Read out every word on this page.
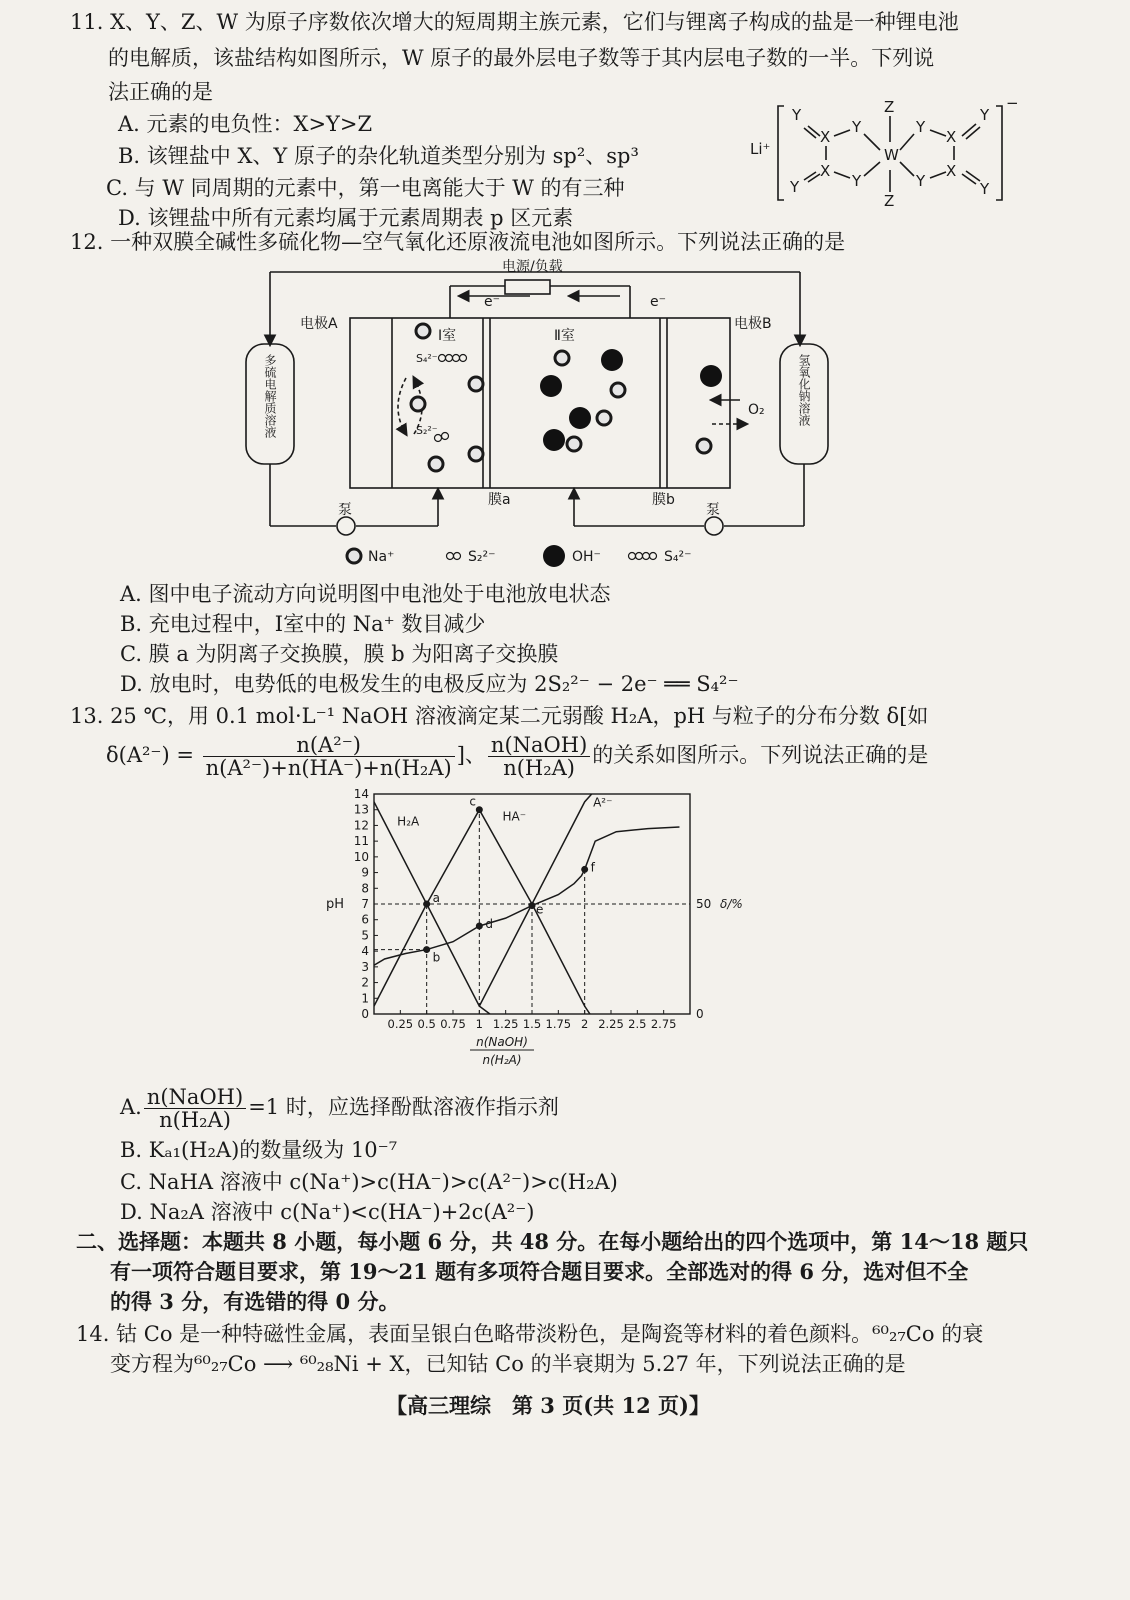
11. X、Y、Z、W 为原子序数依次增大的短周期主族元素，它们与锂离子构成的盐是一种锂电池
的电解质，该盐结构如图所示，W 原子的最外层电子数等于其内层电子数的一半。下列说
法正确的是
A. 元素的电负性：X>Y>Z
B. 该锂盐中 X、Y 原子的杂化轨道类型分别为 sp²、sp³
C. 与 W 同周期的元素中，第一电离能大于 W 的有三种
D. 该锂盐中所有元素均属于元素周期表 p 区元素
Li⁺
Y
X
Y
Z
W
Z
Y
X
Y
Y
X
Y
Y
X
Y
−
12. 一种双膜全碱性多硫化物—空气氧化还原液流电池如图所示。下列说法正确的是
电源/负载
e⁻	e⁻
电极A	电极B
Ⅰ室	Ⅱ室
S₄²⁻
S₂²⁻
膜a	膜b
泵	泵
O₂
多硫电解质溶液	氢氧化钠溶液
Na⁺	S₂²⁻	OH⁻	S₄²⁻
A. 图中电子流动方向说明图中电池处于电池放电状态
B. 充电过程中，Ⅰ室中的 Na⁺ 数目减少
C. 膜 a 为阴离子交换膜，膜 b 为阳离子交换膜
D. 放电时，电势低的电极发生的电极反应为 2S₂²⁻ − 2e⁻ ══ S₄²⁻
13. 25 ℃，用 0.1 mol·L⁻¹ NaOH 溶液滴定某二元弱酸 H₂A，pH 与粒子的分布分数 δ[如
$\delta(A^{2-}) = \frac{\text{n(A²⁻)}}{\text{n(A²⁻)+n(HA⁻)+n(H₂A)}}$ ]、 $\frac{\text{n(NaOH)}}{\text{n(H₂A)}}$ 的关系如图所示。下列说法正确的是
0
1
2
3
4
5
6
7
8
9
10
11
12
13
14
0.25 0.5 0.75 1 1.25 1.5 1.75 2 2.25 2.5 2.75
0
50 δ/%
pH
n(NaOH)
n(H₂A)
H₂A	HA⁻
A²⁻
a
b
c
d
e
f
A. $\frac{\text{n(NaOH)}}{\text{n(H₂A)}} =1$ 时，应选择酚酞溶液作指示剂
B. Kₐ₁(H₂A)的数量级为 10⁻⁷
C. NaHA 溶液中 c(Na⁺)>c(HA⁻)>c(A²⁻)>c(H₂A)
D. Na₂A 溶液中 c(Na⁺)<c(HA⁻)+2c(A²⁻)
二、选择题：本题共 8 小题，每小题 6 分，共 48 分。在每小题给出的四个选项中，第 14～18 题只
有一项符合题目要求，第 19～21 题有多项符合题目要求。全部选对的得 6 分，选对但不全
的得 3 分，有选错的得 0 分。
14. 钴 Co 是一种特磁性金属，表面呈银白色略带淡粉色，是陶瓷等材料的着色颜料。⁶⁰₂₇Co 的衰
变方程为⁶⁰₂₇Co ⟶ ⁶⁰₂₈Ni + X，已知钴 Co 的半衰期为 5.27 年，下列说法正确的是
【高三理综　第 3 页(共 12 页)】
